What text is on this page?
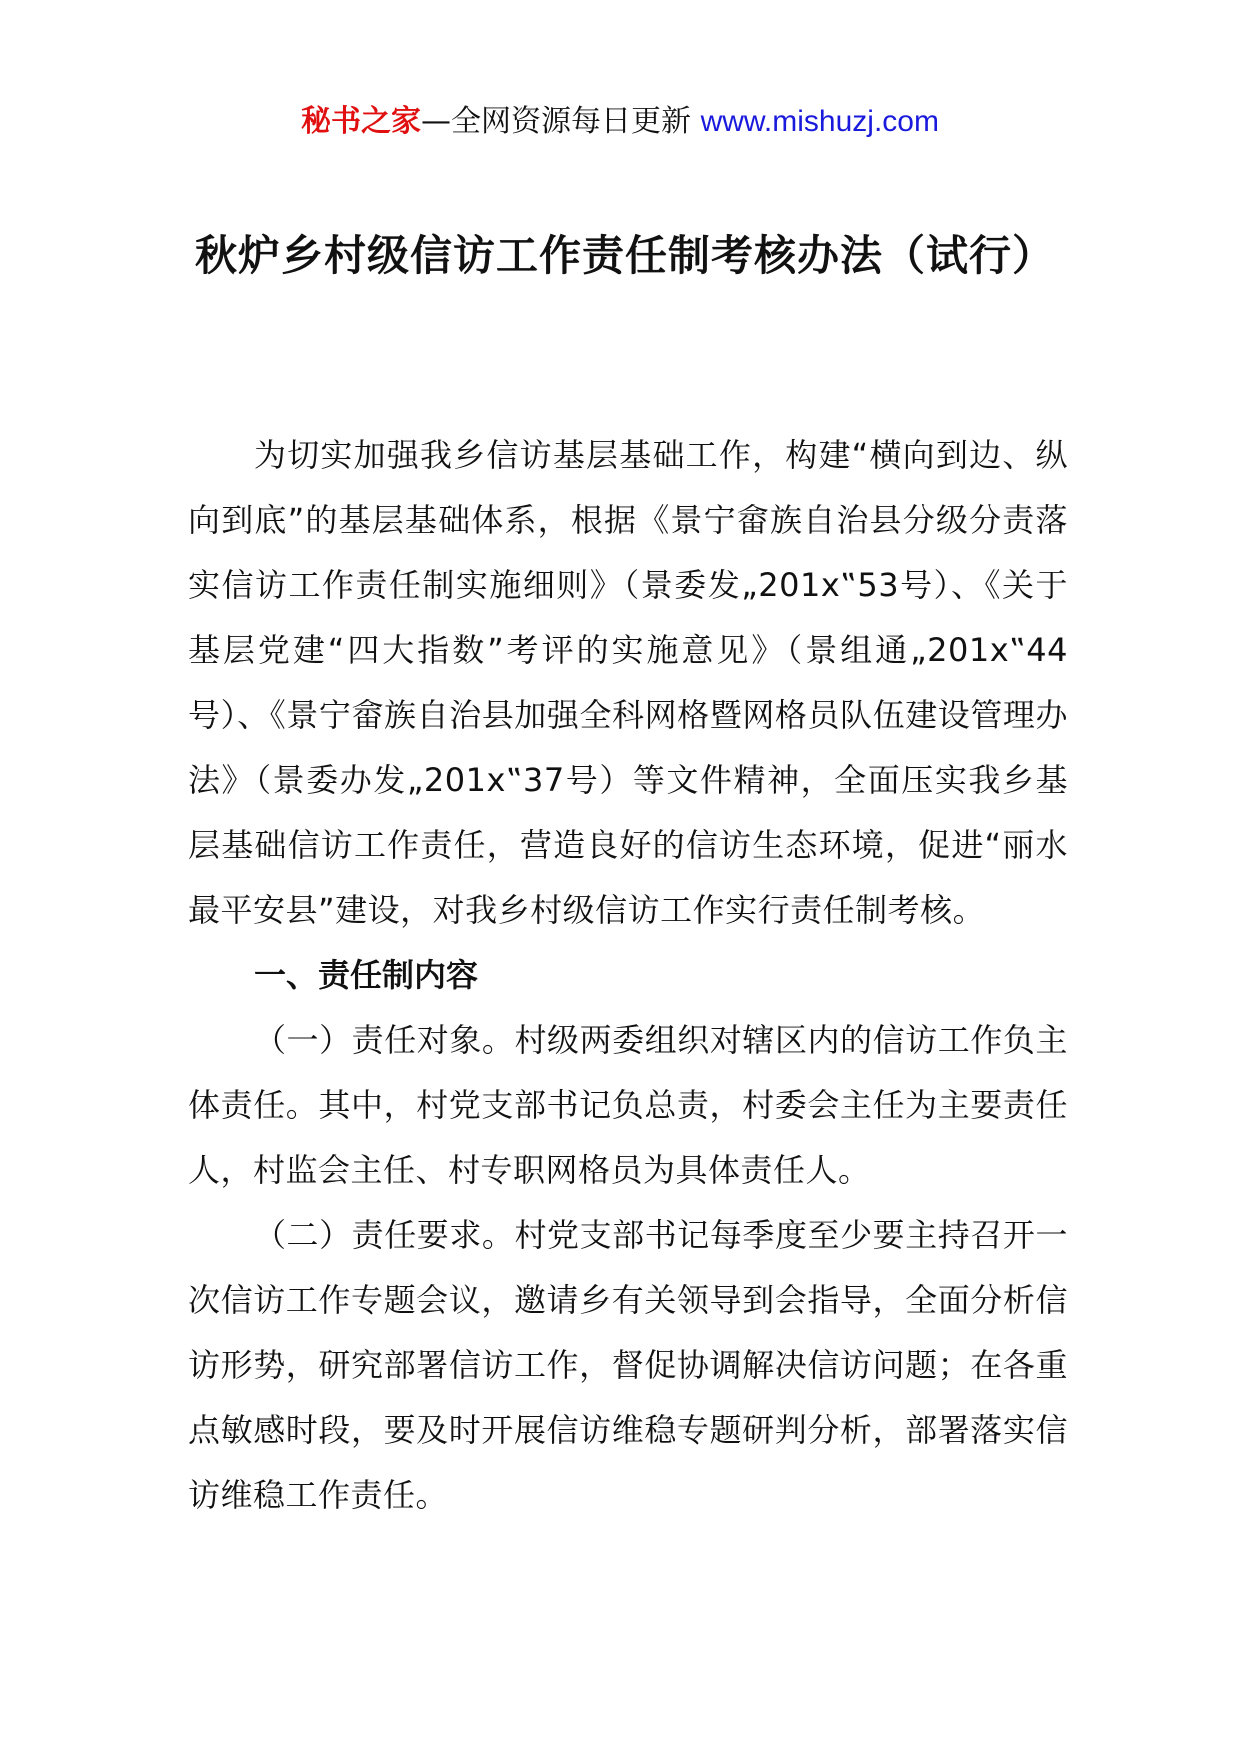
秘书之家—全网资源每日更新 www.mishuzj.com
秋炉乡村级信访工作责任制考核办法（试行）

为切实加强我乡信访基层基础工作，构建“横向到边、纵向到底”的基层基础体系，根据《景宁畲族自治县分级分责落实信访工作责任制实施细则》（景委发„201x‟53号）、《关于基层党建“四大指数”考评的实施意见》（景组通„201x‟44号）、《景宁畲族自治县加强全科网格暨网格员队伍建设管理办法》（景委办发„201x‟37号）等文件精神，全面压实我乡基层基础信访工作责任，营造良好的信访生态环境，促进“丽水最平安县”建设，对我乡村级信访工作实行责任制考核。

一、责任制内容

（一）责任对象。村级两委组织对辖区内的信访工作负主体责任。其中，村党支部书记负总责，村委会主任为主要责任人，村监会主任、村专职网格员为具体责任人。

（二）责任要求。村党支部书记每季度至少要主持召开一次信访工作专题会议，邀请乡有关领导到会指导，全面分析信访形势，研究部署信访工作，督促协调解决信访问题；在各重点敏感时段，要及时开展信访维稳专题研判分析，部署落实信访维稳工作责任。
